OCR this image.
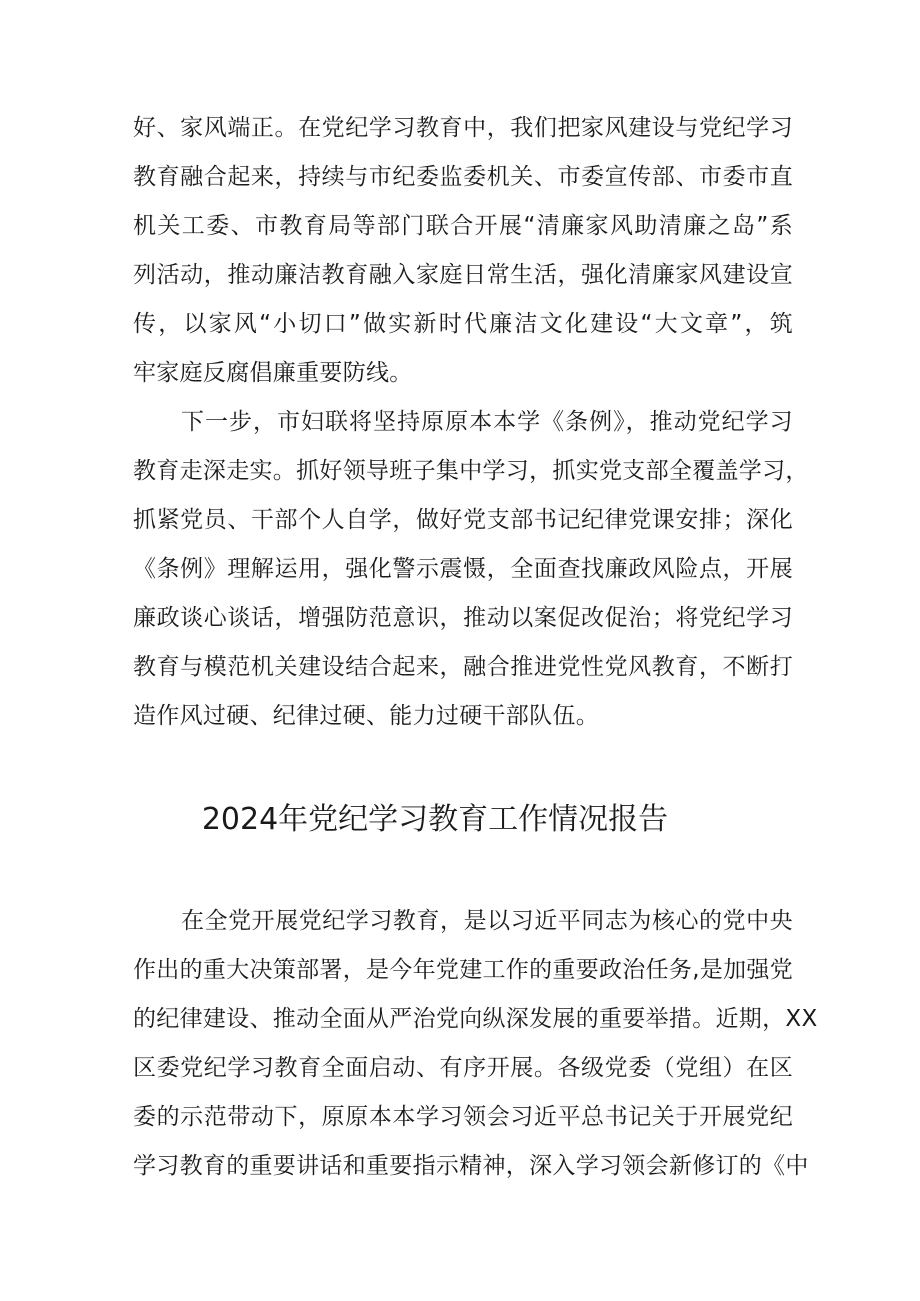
好、家风端正。在党纪学习教育中，我们把家风建设与党纪学习
教育融合起来，持续与市纪委监委机关、市委宣传部、市委市直
机关工委、市教育局等部门联合开展“清廉家风助清廉之岛”系
列活动，推动廉洁教育融入家庭日常生活，强化清廉家风建设宣
传，以家风“小切口”做实新时代廉洁文化建设“大文章”，筑
牢家庭反腐倡廉重要防线。
下一步，市妇联将坚持原原本本学《条例》，推动党纪学习
教育走深走实。抓好领导班子集中学习，抓实党支部全覆盖学习，
抓紧党员、干部个人自学，做好党支部书记纪律党课安排；深化
《条例》理解运用，强化警示震慑，全面查找廉政风险点，开展
廉政谈心谈话，增强防范意识，推动以案促改促治；将党纪学习
教育与模范机关建设结合起来，融合推进党性党风教育，不断打
造作风过硬、纪律过硬、能力过硬干部队伍。
2024年党纪学习教育工作情况报告
在全党开展党纪学习教育，是以习近平同志为核心的党中央
作出的重大决策部署，是今年党建工作的重要政治任务,是加强党
的纪律建设、推动全面从严治党向纵深发展的重要举措。近期，XX
区委党纪学习教育全面启动、有序开展。各级党委（党组）在区
委的示范带动下，原原本本学习领会习近平总书记关于开展党纪
学习教育的重要讲话和重要指示精神，深入学习领会新修订的《中
